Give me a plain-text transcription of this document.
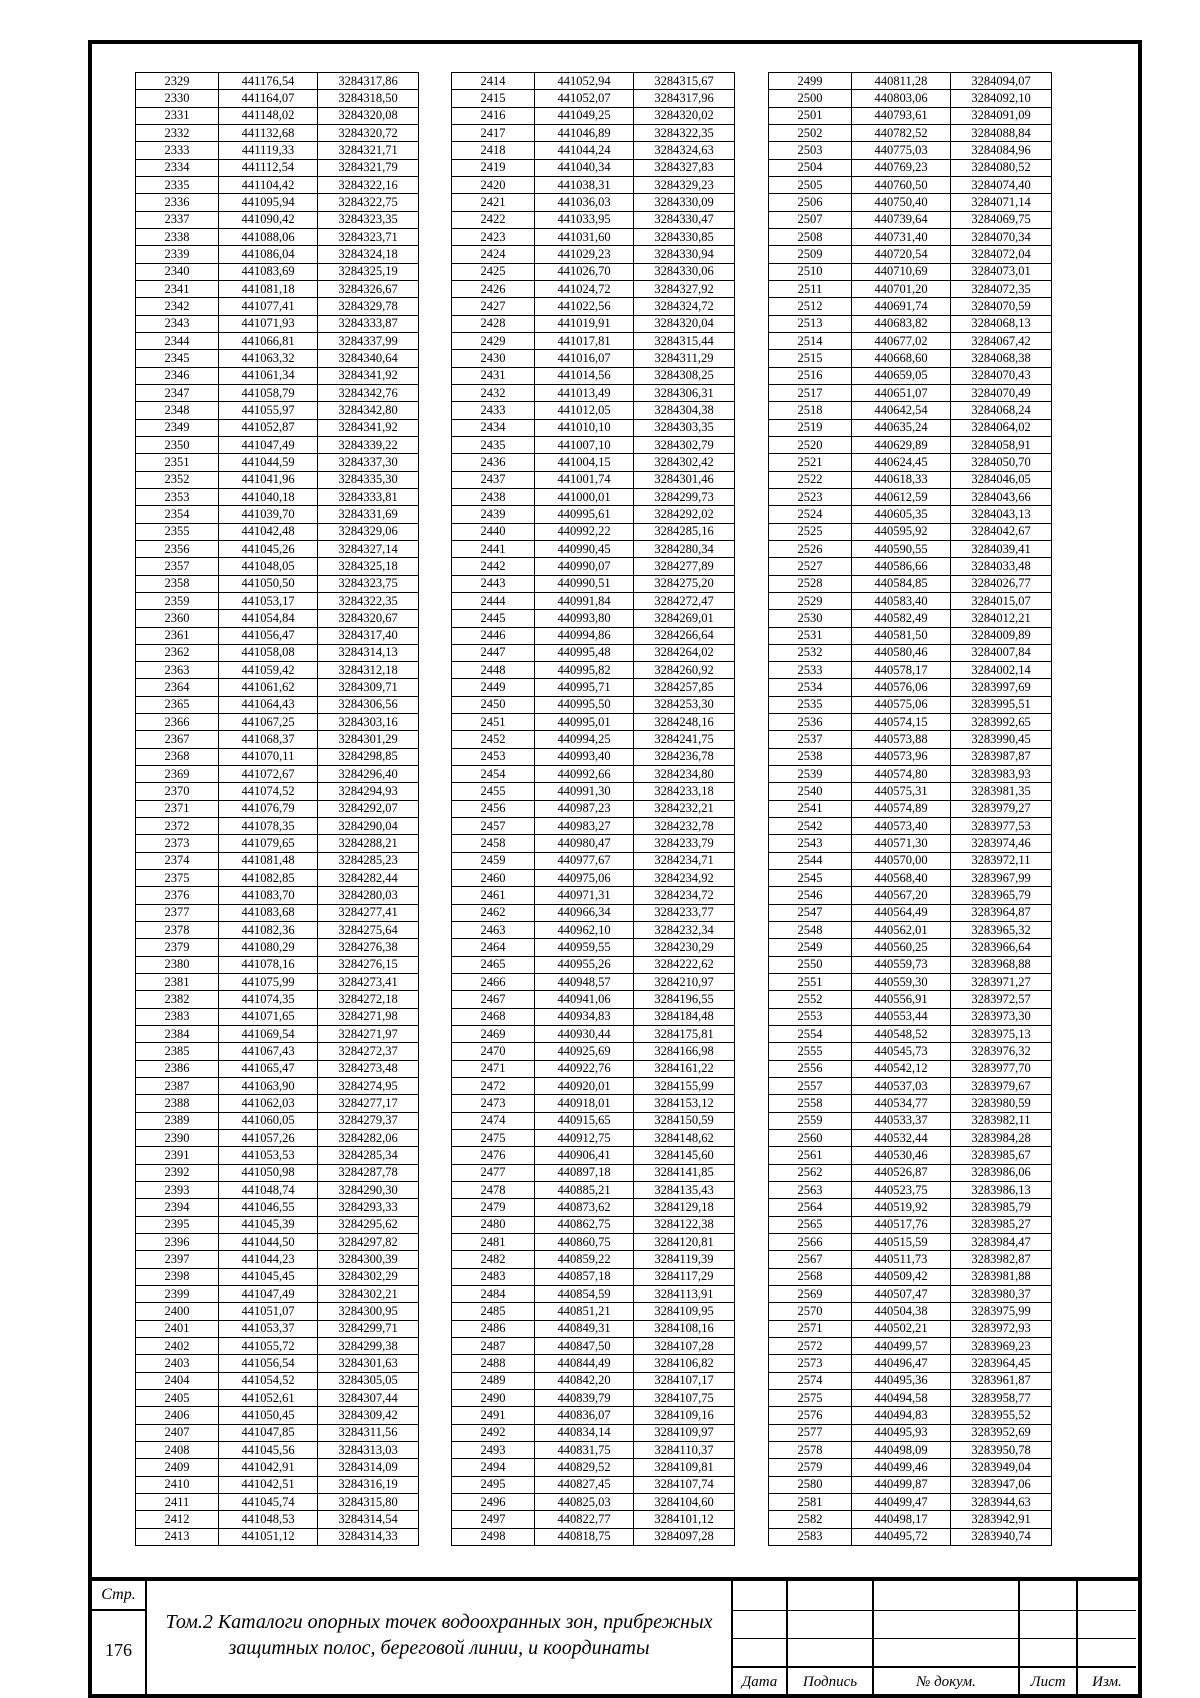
2329	441176,54	3284317,86
2330	441164,07	3284318,50
2331	441148,02	3284320,08
2332	441132,68	3284320,72
2333	441119,33	3284321,71
2334	441112,54	3284321,79
2335	441104,42	3284322,16
2336	441095,94	3284322,75
2337	441090,42	3284323,35
2338	441088,06	3284323,71
2339	441086,04	3284324,18
2340	441083,69	3284325,19
2341	441081,18	3284326,67
2342	441077,41	3284329,78
2343	441071,93	3284333,87
2344	441066,81	3284337,99
2345	441063,32	3284340,64
2346	441061,34	3284341,92
2347	441058,79	3284342,76
2348	441055,97	3284342,80
2349	441052,87	3284341,92
2350	441047,49	3284339,22
2351	441044,59	3284337,30
2352	441041,96	3284335,30
2353	441040,18	3284333,81
2354	441039,70	3284331,69
2355	441042,48	3284329,06
2356	441045,26	3284327,14
2357	441048,05	3284325,18
2358	441050,50	3284323,75
2359	441053,17	3284322,35
2360	441054,84	3284320,67
2361	441056,47	3284317,40
2362	441058,08	3284314,13
2363	441059,42	3284312,18
2364	441061,62	3284309,71
2365	441064,43	3284306,56
2366	441067,25	3284303,16
2367	441068,37	3284301,29
2368	441070,11	3284298,85
2369	441072,67	3284296,40
2370	441074,52	3284294,93
2371	441076,79	3284292,07
2372	441078,35	3284290,04
2373	441079,65	3284288,21
2374	441081,48	3284285,23
2375	441082,85	3284282,44
2376	441083,70	3284280,03
2377	441083,68	3284277,41
2378	441082,36	3284275,64
2379	441080,29	3284276,38
2380	441078,16	3284276,15
2381	441075,99	3284273,41
2382	441074,35	3284272,18
2383	441071,65	3284271,98
2384	441069,54	3284271,97
2385	441067,43	3284272,37
2386	441065,47	3284273,48
2387	441063,90	3284274,95
2388	441062,03	3284277,17
2389	441060,05	3284279,37
2390	441057,26	3284282,06
2391	441053,53	3284285,34
2392	441050,98	3284287,78
2393	441048,74	3284290,30
2394	441046,55	3284293,33
2395	441045,39	3284295,62
2396	441044,50	3284297,82
2397	441044,23	3284300,39
2398	441045,45	3284302,29
2399	441047,49	3284302,21
2400	441051,07	3284300,95
2401	441053,37	3284299,71
2402	441055,72	3284299,38
2403	441056,54	3284301,63
2404	441054,52	3284305,05
2405	441052,61	3284307,44
2406	441050,45	3284309,42
2407	441047,85	3284311,56
2408	441045,56	3284313,03
2409	441042,91	3284314,09
2410	441042,51	3284316,19
2411	441045,74	3284315,80
2412	441048,53	3284314,54
2413	441051,12	3284314,33
2414	441052,94	3284315,67
2415	441052,07	3284317,96
2416	441049,25	3284320,02
2417	441046,89	3284322,35
2418	441044,24	3284324,63
2419	441040,34	3284327,83
2420	441038,31	3284329,23
2421	441036,03	3284330,09
2422	441033,95	3284330,47
2423	441031,60	3284330,85
2424	441029,23	3284330,94
2425	441026,70	3284330,06
2426	441024,72	3284327,92
2427	441022,56	3284324,72
2428	441019,91	3284320,04
2429	441017,81	3284315,44
2430	441016,07	3284311,29
2431	441014,56	3284308,25
2432	441013,49	3284306,31
2433	441012,05	3284304,38
2434	441010,10	3284303,35
2435	441007,10	3284302,79
2436	441004,15	3284302,42
2437	441001,74	3284301,46
2438	441000,01	3284299,73
2439	440995,61	3284292,02
2440	440992,22	3284285,16
2441	440990,45	3284280,34
2442	440990,07	3284277,89
2443	440990,51	3284275,20
2444	440991,84	3284272,47
2445	440993,80	3284269,01
2446	440994,86	3284266,64
2447	440995,48	3284264,02
2448	440995,82	3284260,92
2449	440995,71	3284257,85
2450	440995,50	3284253,30
2451	440995,01	3284248,16
2452	440994,25	3284241,75
2453	440993,40	3284236,78
2454	440992,66	3284234,80
2455	440991,30	3284233,18
2456	440987,23	3284232,21
2457	440983,27	3284232,78
2458	440980,47	3284233,79
2459	440977,67	3284234,71
2460	440975,06	3284234,92
2461	440971,31	3284234,72
2462	440966,34	3284233,77
2463	440962,10	3284232,34
2464	440959,55	3284230,29
2465	440955,26	3284222,62
2466	440948,57	3284210,97
2467	440941,06	3284196,55
2468	440934,83	3284184,48
2469	440930,44	3284175,81
2470	440925,69	3284166,98
2471	440922,76	3284161,22
2472	440920,01	3284155,99
2473	440918,01	3284153,12
2474	440915,65	3284150,59
2475	440912,75	3284148,62
2476	440906,41	3284145,60
2477	440897,18	3284141,85
2478	440885,21	3284135,43
2479	440873,62	3284129,18
2480	440862,75	3284122,38
2481	440860,75	3284120,81
2482	440859,22	3284119,39
2483	440857,18	3284117,29
2484	440854,59	3284113,91
2485	440851,21	3284109,95
2486	440849,31	3284108,16
2487	440847,50	3284107,28
2488	440844,49	3284106,82
2489	440842,20	3284107,17
2490	440839,79	3284107,75
2491	440836,07	3284109,16
2492	440834,14	3284109,97
2493	440831,75	3284110,37
2494	440829,52	3284109,81
2495	440827,45	3284107,74
2496	440825,03	3284104,60
2497	440822,77	3284101,12
2498	440818,75	3284097,28
2499	440811,28	3284094,07
2500	440803,06	3284092,10
2501	440793,61	3284091,09
2502	440782,52	3284088,84
2503	440775,03	3284084,96
2504	440769,23	3284080,52
2505	440760,50	3284074,40
2506	440750,40	3284071,14
2507	440739,64	3284069,75
2508	440731,40	3284070,34
2509	440720,54	3284072,04
2510	440710,69	3284073,01
2511	440701,20	3284072,35
2512	440691,74	3284070,59
2513	440683,82	3284068,13
2514	440677,02	3284067,42
2515	440668,60	3284068,38
2516	440659,05	3284070,43
2517	440651,07	3284070,49
2518	440642,54	3284068,24
2519	440635,24	3284064,02
2520	440629,89	3284058,91
2521	440624,45	3284050,70
2522	440618,33	3284046,05
2523	440612,59	3284043,66
2524	440605,35	3284043,13
2525	440595,92	3284042,67
2526	440590,55	3284039,41
2527	440586,66	3284033,48
2528	440584,85	3284026,77
2529	440583,40	3284015,07
2530	440582,49	3284012,21
2531	440581,50	3284009,89
2532	440580,46	3284007,84
2533	440578,17	3284002,14
2534	440576,06	3283997,69
2535	440575,06	3283995,51
2536	440574,15	3283992,65
2537	440573,88	3283990,45
2538	440573,96	3283987,87
2539	440574,80	3283983,93
2540	440575,31	3283981,35
2541	440574,89	3283979,27
2542	440573,40	3283977,53
2543	440571,30	3283974,46
2544	440570,00	3283972,11
2545	440568,40	3283967,99
2546	440567,20	3283965,79
2547	440564,49	3283964,87
2548	440562,01	3283965,32
2549	440560,25	3283966,64
2550	440559,73	3283968,88
2551	440559,30	3283971,27
2552	440556,91	3283972,57
2553	440553,44	3283973,30
2554	440548,52	3283975,13
2555	440545,73	3283976,32
2556	440542,12	3283977,70
2557	440537,03	3283979,67
2558	440534,77	3283980,59
2559	440533,37	3283982,11
2560	440532,44	3283984,28
2561	440530,46	3283985,67
2562	440526,87	3283986,06
2563	440523,75	3283986,13
2564	440519,92	3283985,79
2565	440517,76	3283985,27
2566	440515,59	3283984,47
2567	440511,73	3283982,87
2568	440509,42	3283981,88
2569	440507,47	3283980,37
2570	440504,38	3283975,99
2571	440502,21	3283972,93
2572	440499,57	3283969,23
2573	440496,47	3283964,45
2574	440495,36	3283961,87
2575	440494,58	3283958,77
2576	440494,83	3283955,52
2577	440495,93	3283952,69
2578	440498,09	3283950,78
2579	440499,46	3283949,04
2580	440499,87	3283947,06
2581	440499,47	3283944,63
2582	440498,17	3283942,91
2583	440495,72	3283940,74
Стр.
176
Том.2 Каталоги опорных точек водоохранных зон, прибрежных защитных полос, береговой линии, и координаты
Дата	Подпись	№ докум.	Лист	Изм.
